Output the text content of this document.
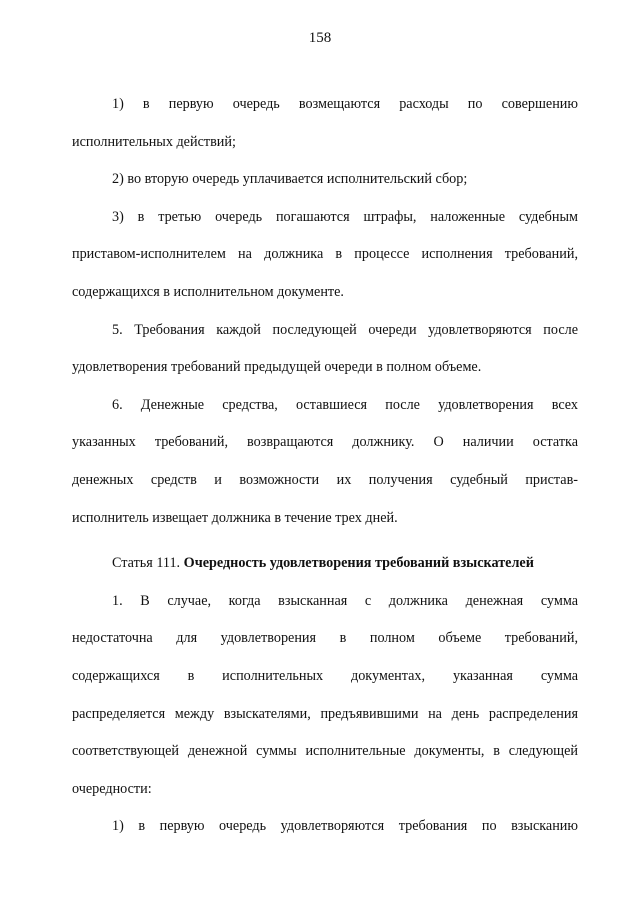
158
1) в первую очередь возмещаются расходы по совершению
исполнительных действий;
2) во вторую очередь уплачивается исполнительский сбор;
3) в третью очередь погашаются штрафы, наложенные судебным
приставом-исполнителем на должника в процессе исполнения требований,
содержащихся в исполнительном документе.
5. Требования каждой последующей очереди удовлетворяются после
удовлетворения требований предыдущей очереди в полном объеме.
6. Денежные средства, оставшиеся после удовлетворения всех
указанных требований, возвращаются должнику. О наличии остатка
денежных средств и возможности их получения судебный пристав-
исполнитель извещает должника в течение трех дней.
Статья 111. Очередность удовлетворения требований взыскателей
1. В случае, когда взысканная с должника денежная сумма
недостаточна для удовлетворения в полном объеме требований,
содержащихся в исполнительных документах, указанная сумма
распределяется между взыскателями, предъявившими на день распределения
соответствующей денежной суммы исполнительные документы, в следующей
очередности:
1) в первую очередь удовлетворяются требования по взысканию
